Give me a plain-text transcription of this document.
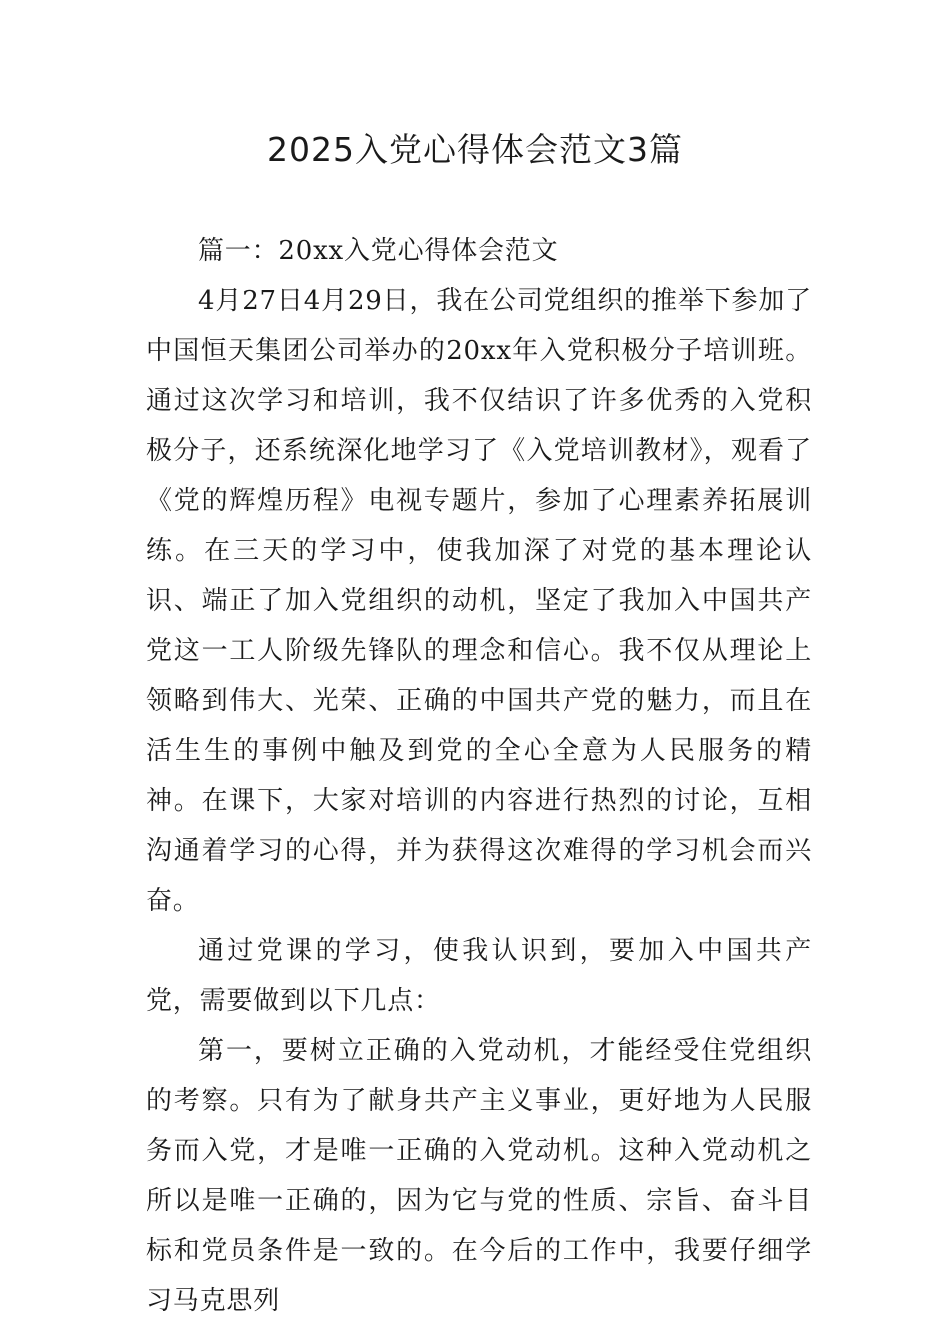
2025入党心得体会范文3篇

篇一：20xx入党心得体会范文

4月27日4月29日，我在公司党组织的推举下参加了中国恒天集团公司举办的20xx年入党积极分子培训班。通过这次学习和培训，我不仅结识了许多优秀的入党积极分子，还系统深化地学习了《入党培训教材》，观看了《党的辉煌历程》电视专题片，参加了心理素养拓展训练。在三天的学习中，使我加深了对党的基本理论认识、端正了加入党组织的动机，坚定了我加入中国共产党这一工人阶级先锋队的理念和信心。我不仅从理论上领略到伟大、光荣、正确的中国共产党的魅力，而且在活生生的事例中触及到党的全心全意为人民服务的精神。在课下，大家对培训的内容进行热烈的讨论，互相沟通着学习的心得，并为获得这次难得的学习机会而兴奋。

通过党课的学习，使我认识到，要加入中国共产党，需要做到以下几点：

第一，要树立正确的入党动机，才能经受住党组织的考察。只有为了献身共产主义事业，更好地为人民服务而入党，才是唯一正确的入党动机。这种入党动机之所以是唯一正确的，因为它与党的性质、宗旨、奋斗目标和党员条件是一致的。在今后的工作中，我要仔细学习马克思列
